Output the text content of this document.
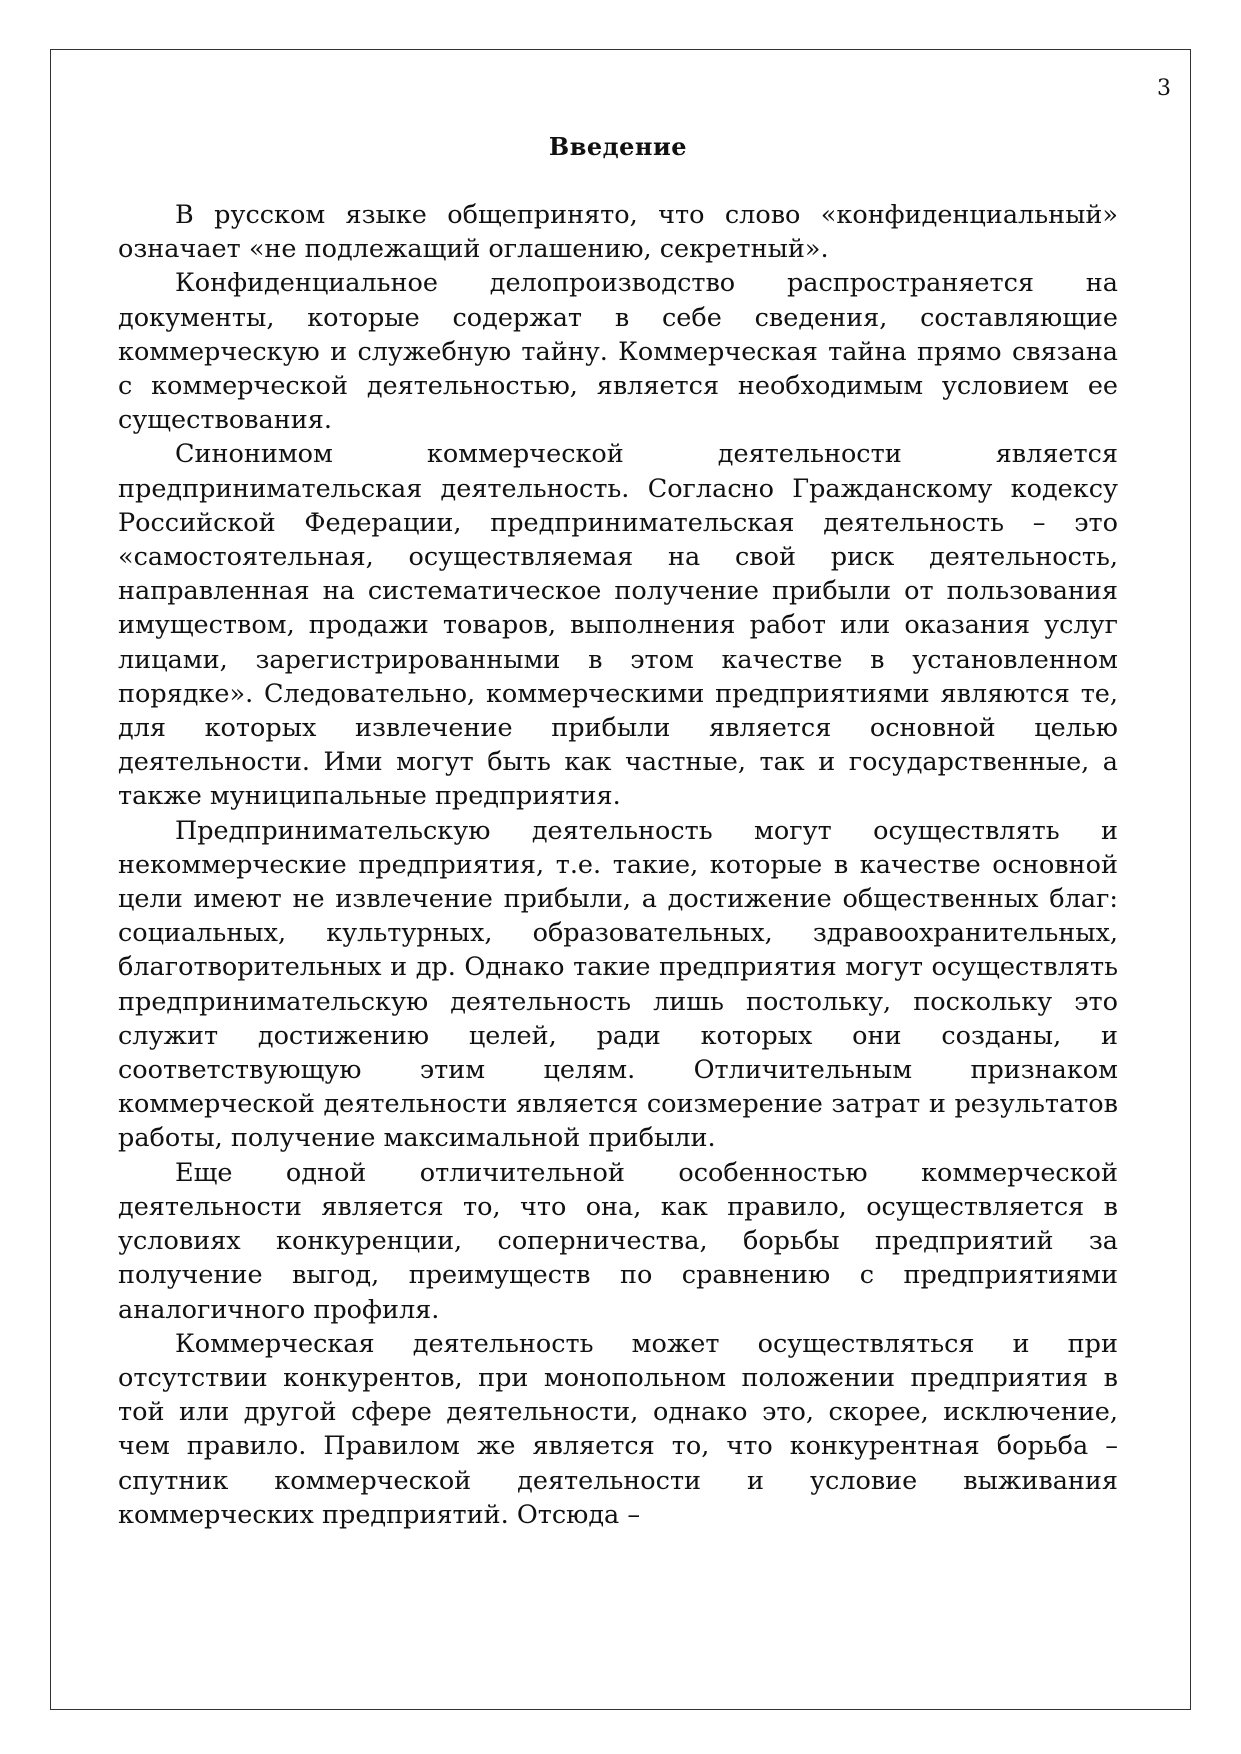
3
Введение

В русском языке общепринято, что слово «конфиденциальный» означает «не подлежащий оглашению, секретный».

Конфиденциальное делопроизводство распространяется на документы, которые содержат в себе сведения, составляющие коммерческую и служебную тайну. Коммерческая тайна прямо связана с коммерческой деятельностью, является необходимым условием ее существования.

Синонимом коммерческой деятельности является предпринимательская деятельность. Согласно Гражданскому кодексу Российской Федерации, предпринимательская деятельность – это «самостоятельная, осуществляемая на свой риск деятельность, направленная на систематическое получение прибыли от пользования имуществом, продажи товаров, выполнения работ или оказания услуг лицами, зарегистрированными в этом качестве в установленном порядке». Следовательно, коммерческими предприятиями являются те, для которых извлечение прибыли является основной целью деятельности. Ими могут быть как частные, так и государственные, а также муниципальные предприятия.

Предпринимательскую деятельность могут осуществлять и некоммерческие предприятия, т.е. такие, которые в качестве основной цели имеют не извлечение прибыли, а достижение общественных благ: социальных, культурных, образовательных, здравоохранительных, благотворительных и др. Однако такие предприятия могут осуществлять предпринимательскую деятельность лишь постольку, поскольку это служит достижению целей, ради которых они созданы, и соответствующую этим целям. Отличительным признаком коммерческой деятельности является соизмерение затрат и результатов работы, получение максимальной прибыли.

Еще одной отличительной особенностью коммерческой деятельности является то, что она, как правило, осуществляется в условиях конкуренции, соперничества, борьбы предприятий за получение выгод, преимуществ по сравнению с предприятиями аналогичного профиля.

Коммерческая деятельность может осуществляться и при отсутствии конкурентов, при монопольном положении предприятия в той или другой сфере деятельности, однако это, скорее, исключение, чем правило. Правилом же является то, что конкурентная борьба – спутник коммерческой деятельности и условие выживания коммерческих предприятий. Отсюда –
